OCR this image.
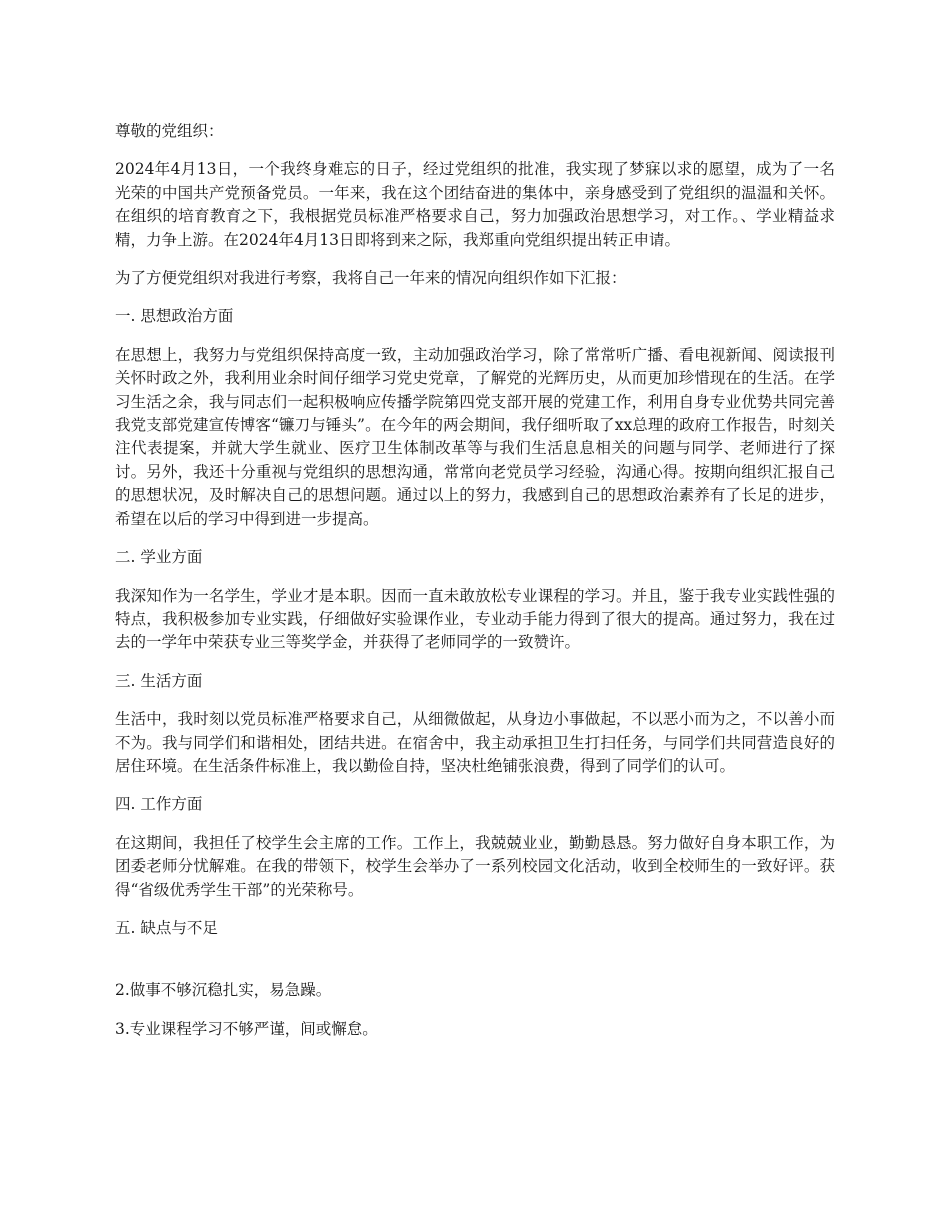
尊敬的党组织：

2024年4月13日，一个我终身难忘的日子，经过党组织的批准，我实现了梦寐以求的愿望，成为了一名光荣的中国共产党预备党员。一年来，我在这个团结奋进的集体中，亲身感受到了党组织的温温和关怀。在组织的培育教育之下，我根据党员标准严格要求自己，努力加强政治思想学习，对工作。、学业精益求精，力争上游。在2024年4月13日即将到来之际，我郑重向党组织提出转正申请。

为了方便党组织对我进行考察，我将自己一年来的情况向组织作如下汇报：

一. 思想政治方面

在思想上，我努力与党组织保持高度一致，主动加强政治学习，除了常常听广播、看电视新闻、阅读报刊关怀时政之外，我利用业余时间仔细学习党史党章，了解党的光辉历史，从而更加珍惜现在的生活。在学习生活之余，我与同志们一起积极响应传播学院第四党支部开展的党建工作，利用自身专业优势共同完善我党支部党建宣传博客“镰刀与锤头”。在今年的两会期间，我仔细听取了xx总理的政府工作报告，时刻关注代表提案，并就大学生就业、医疗卫生体制改革等与我们生活息息相关的问题与同学、老师进行了探讨。另外，我还十分重视与党组织的思想沟通，常常向老党员学习经验，沟通心得。按期向组织汇报自己的思想状况，及时解决自己的思想问题。通过以上的努力，我感到自己的思想政治素养有了长足的进步，希望在以后的学习中得到进一步提高。

二. 学业方面

我深知作为一名学生，学业才是本职。因而一直未敢放松专业课程的学习。并且，鉴于我专业实践性强的特点，我积极参加专业实践，仔细做好实验课作业，专业动手能力得到了很大的提高。通过努力，我在过去的一学年中荣获专业三等奖学金，并获得了老师同学的一致赞许。

三. 生活方面

生活中，我时刻以党员标准严格要求自己，从细微做起，从身边小事做起，不以恶小而为之，不以善小而不为。我与同学们和谐相处，团结共进。在宿舍中，我主动承担卫生打扫任务，与同学们共同营造良好的居住环境。在生活条件标准上，我以勤俭自持，坚决杜绝铺张浪费，得到了同学们的认可。

四. 工作方面

在这期间，我担任了校学生会主席的工作。工作上，我兢兢业业，勤勤恳恳。努力做好自身本职工作，为团委老师分忧解难。在我的带领下，校学生会举办了一系列校园文化活动，收到全校师生的一致好评。获得“省级优秀学生干部”的光荣称号。

五. 缺点与不足

2.做事不够沉稳扎实，易急躁。

3.专业课程学习不够严谨，间或懈怠。
